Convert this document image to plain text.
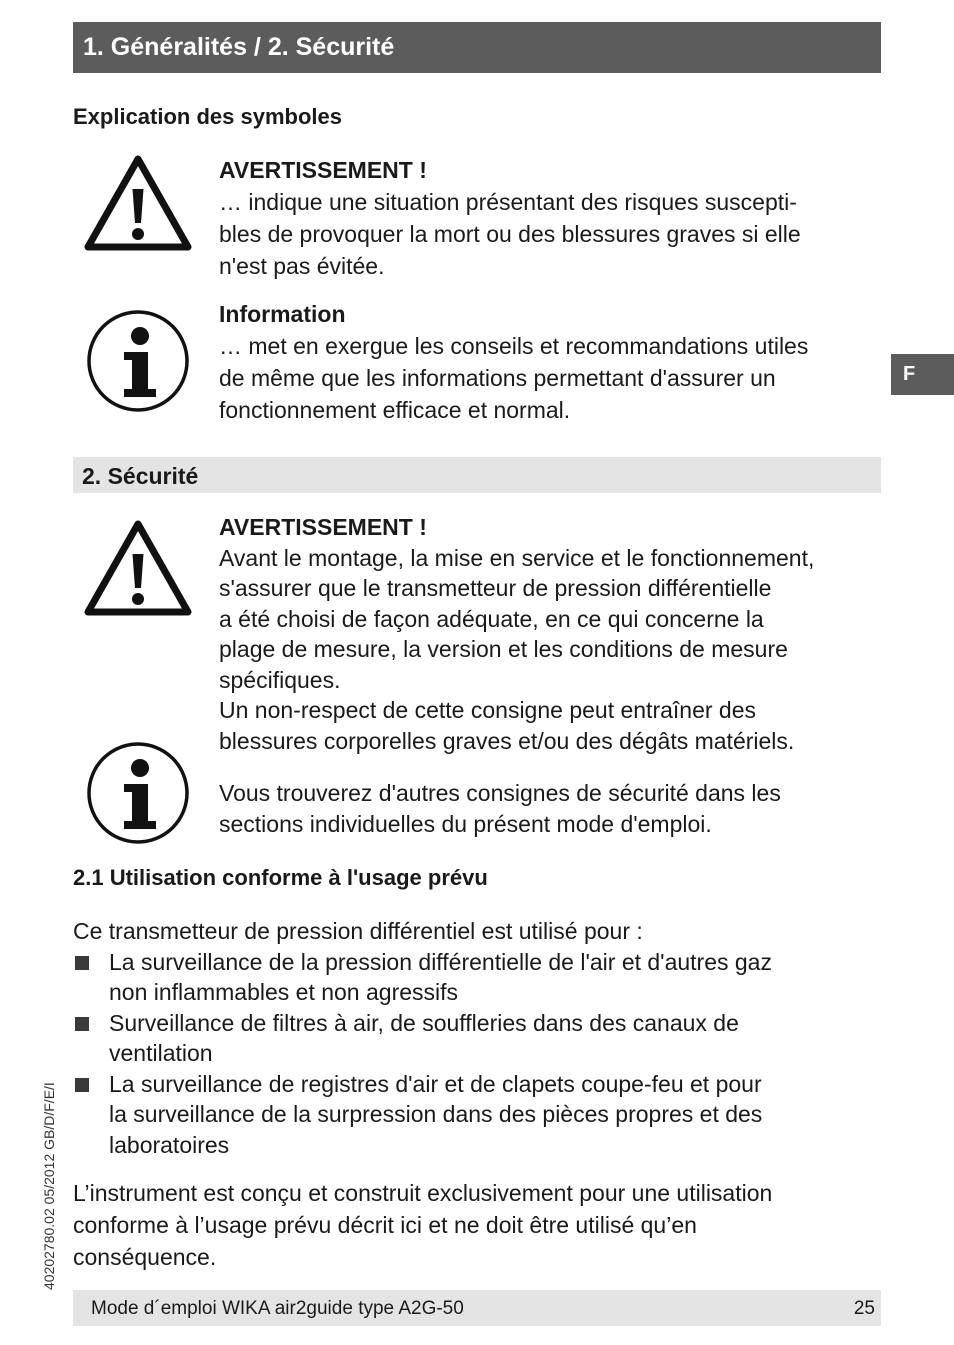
1. Généralités / 2. Sécurité
Explication des symboles
AVERTISSEMENT !
… indique une situation présentant des risques suscepti-
bles de provoquer la mort ou des blessures graves si elle
n'est pas évitée.
Information
… met en exergue les conseils et recommandations utiles
de même que les informations permettant d'assurer un
fonctionnement efficace et normal.
F
2. Sécurité
AVERTISSEMENT !
Avant le montage, la mise en service et le fonctionnement,
s'assurer que le transmetteur de pression différentielle
a été choisi de façon adéquate, en ce qui concerne la
plage de mesure, la version et les conditions de mesure
spécifiques.
Un non-respect de cette consigne peut entraîner des
blessures corporelles graves et/ou des dégâts matériels.
Vous trouverez d'autres consignes de sécurité dans les
sections individuelles du présent mode d'emploi.
2.1 Utilisation conforme à l'usage prévu
Ce transmetteur de pression différentiel est utilisé pour :
La surveillance de la pression différentielle de l'air et d'autres gaz
non inflammables et non agressifs
Surveillance de filtres à air, de souffleries dans des canaux de
ventilation
La surveillance de registres d'air et de clapets coupe-feu et pour
la surveillance de la surpression dans des pièces propres et des
laboratoires
L’instrument est conçu et construit exclusivement pour une utilisation
conforme à l’usage prévu décrit ici et ne doit être utilisé qu’en
conséquence.
40202780.02 05/2012 GB/D/F/E/I
Mode d´emploi WIKA air2guide type A2G-50	25
